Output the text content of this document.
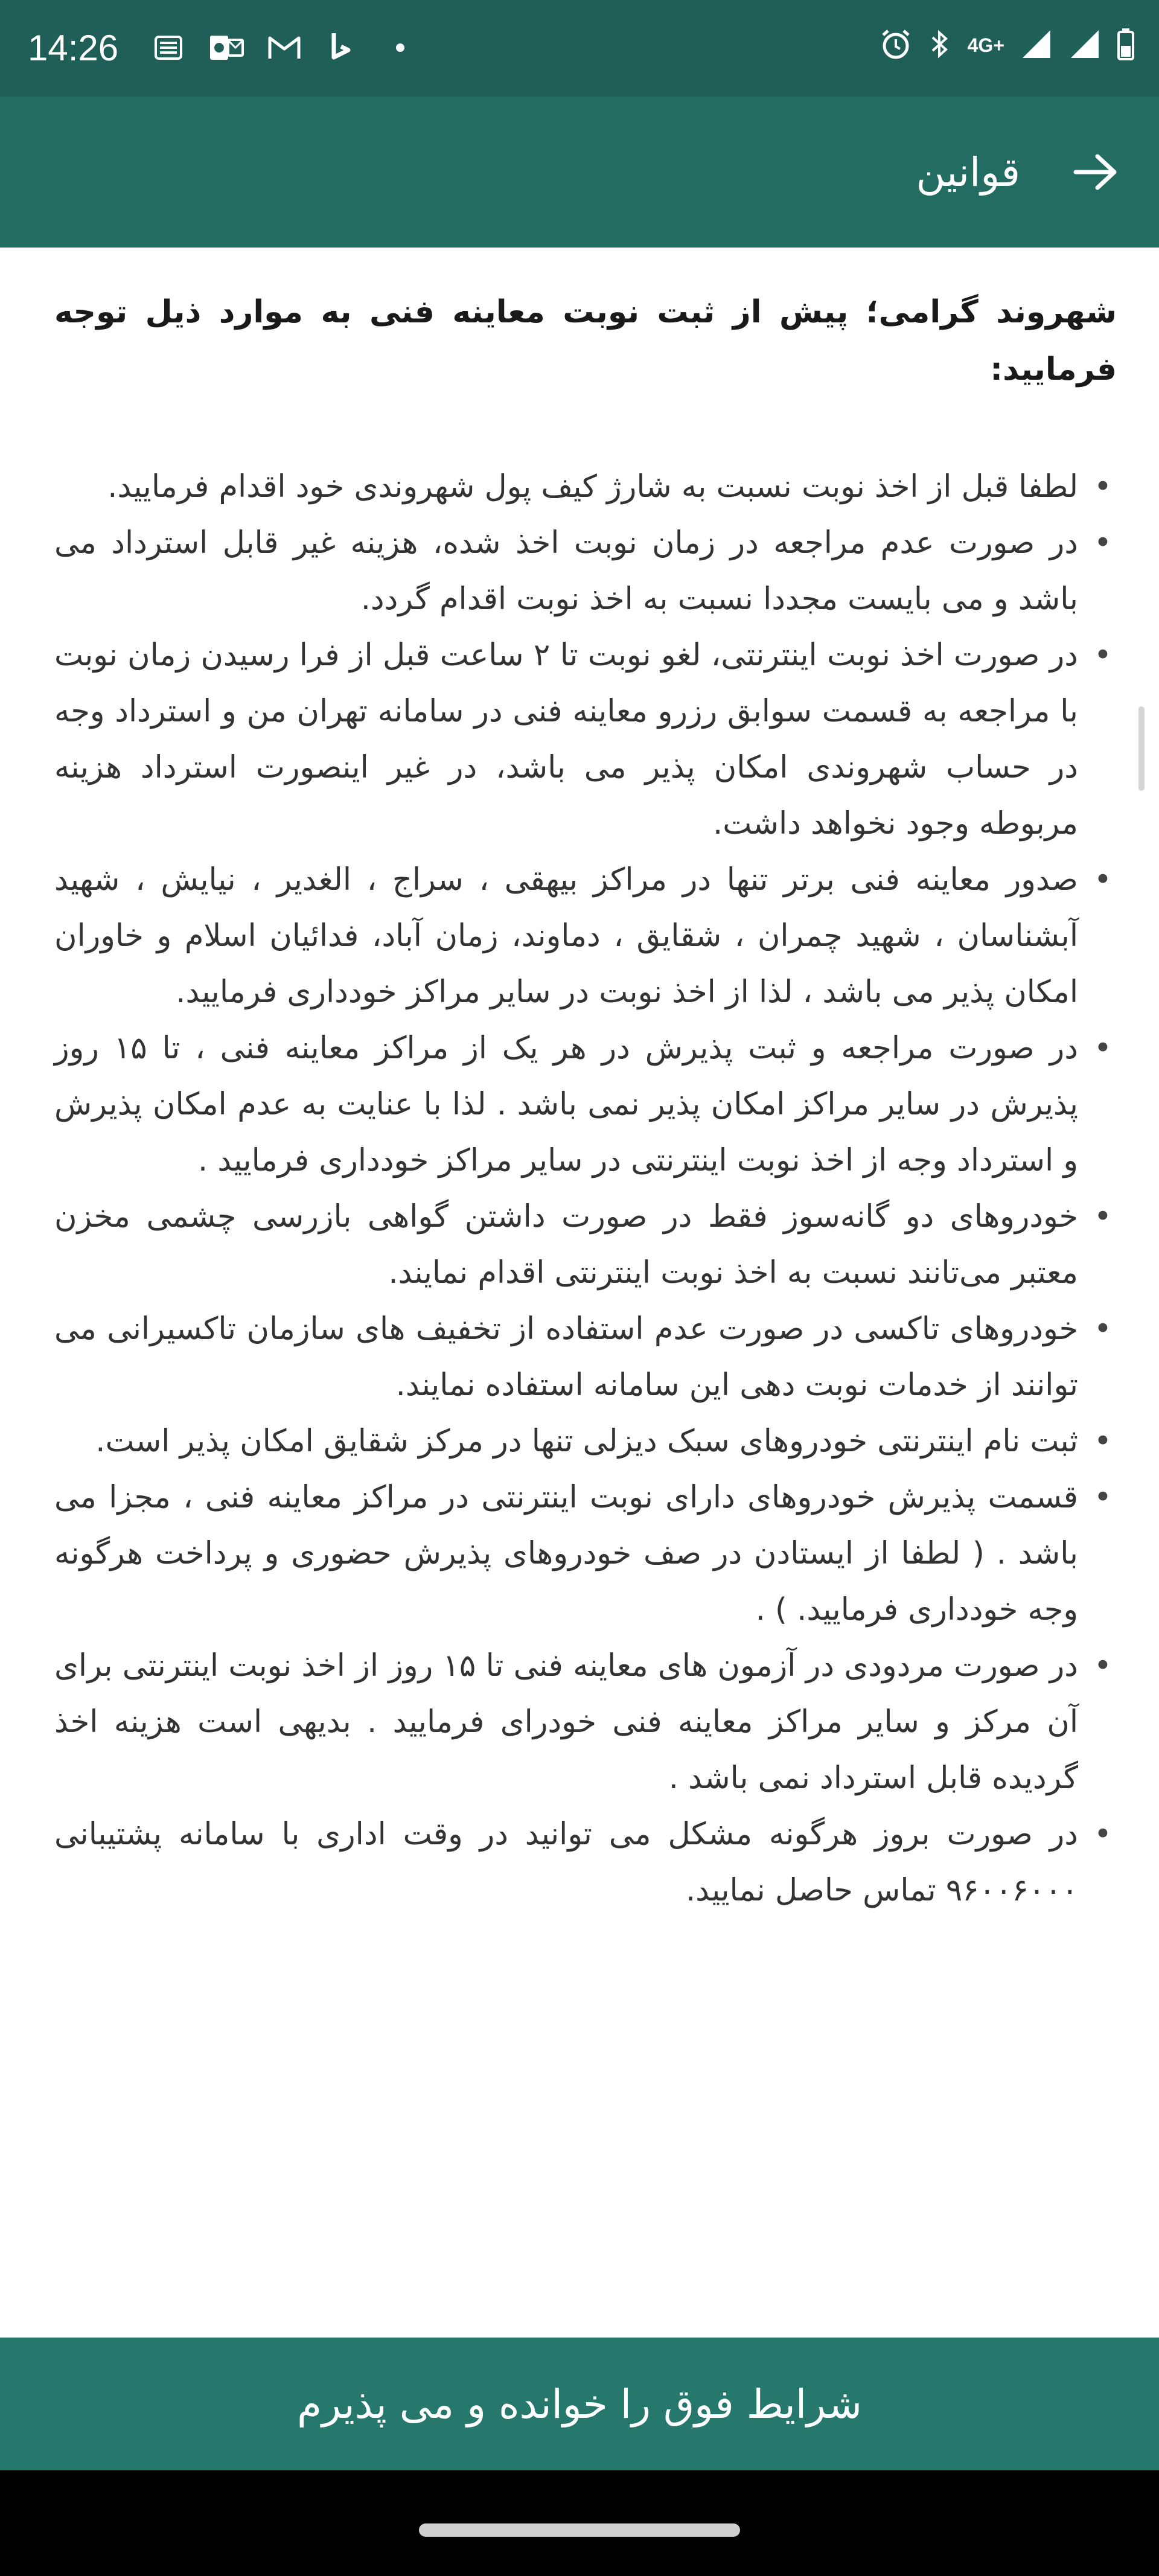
14:26	4G+
قوانین

شهروند گرامی؛ پیش از ثبت نوبت معاینه فنی به موارد ذیل توجه فرمایید:

• لطفا قبل از اخذ نوبت نسبت به شارژ کیف پول شهروندی خود اقدام فرمایید.
• در صورت عدم مراجعه در زمان نوبت اخذ شده، هزینه غیر قابل استرداد می باشد و می بایست مجددا نسبت به اخذ نوبت اقدام گردد.
• در صورت اخذ نوبت اینترنتی، لغو نوبت تا ۲ ساعت قبل از فرا رسیدن زمان نوبت با مراجعه به قسمت سوابق رزرو معاینه فنی در سامانه تهران من و استرداد وجه در حساب شهروندی امکان پذیر می باشد، در غیر اینصورت استرداد هزینه مربوطه وجود نخواهد داشت.
• صدور معاینه فنی برتر تنها در مراکز بیهقی ، سراج ، الغدیر ، نیایش ، شهید آبشناسان ، شهید چمران ، شقایق ، دماوند، زمان آباد، فدائیان اسلام و خاوران امکان پذیر می باشد ، لذا از اخذ نوبت در سایر مراکز خودداری فرمایید.
• در صورت مراجعه و ثبت پذیرش در هر یک از مراکز معاینه فنی ، تا ۱۵ روز پذیرش در سایر مراکز امکان پذیر نمی باشد . لذا با عنایت به عدم امکان پذیرش و استرداد وجه از اخذ نوبت اینترنتی در سایر مراکز خودداری فرمایید .
• خودروهای دو گانه‌سوز فقط در صورت داشتن گواهی بازرسی چشمی مخزن معتبر می‌تانند نسبت به اخذ نوبت اینترنتی اقدام نمایند.
• خودروهای تاکسی در صورت عدم استفاده از تخفیف های سازمان تاکسیرانی می توانند از خدمات نوبت دهی این سامانه استفاده نمایند.
• ثبت نام اینترنتی خودروهای سبک دیزلی تنها در مرکز شقایق امکان پذیر است.
• قسمت پذیرش خودروهای دارای نوبت اینترنتی در مراکز معاینه فنی ، مجزا می باشد . ( لطفا از ایستادن در صف خودروهای پذیرش حضوری و پرداخت هرگونه وجه خودداری فرمایید. ) .
• در صورت مردودی در آزمون های معاینه فنی تا ۱۵ روز از اخذ نوبت اینترنتی برای آن مرکز و سایر مراکز معاینه فنی خودرای فرمایید . بدیهی است هزینه اخذ گردیده قابل استرداد نمی باشد .
• در صورت بروز هرگونه مشکل می توانید در وقت اداری با سامانه پشتیبانی ۹۶۰۰۶۰۰۰ تماس حاصل نمایید.
شرایط فوق را خوانده و می پذیرم
